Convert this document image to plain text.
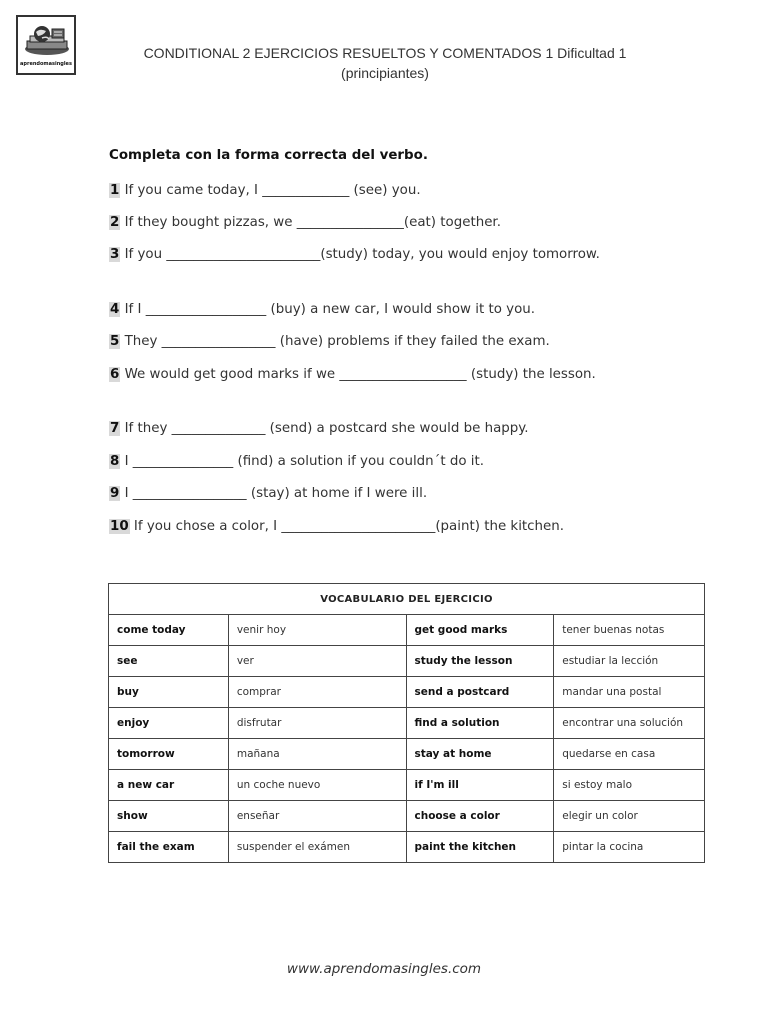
aprendomasingles
CONDITIONAL 2 EJERCICIOS RESUELTOS Y COMENTADOS 1 Dificultad 1
(principiantes)
Completa con la forma correcta del verbo.
1 If you came today, I _____________ (see) you.
2 If they bought pizzas, we ________________(eat) together.
3 If you _______________________(study) today, you would enjoy tomorrow.
4 If I __________________ (buy) a new car, I would show it to you.
5 They _________________ (have) problems if they failed the exam.
6 We would get good marks if we ___________________ (study) the lesson.
7 If they ______________ (send) a postcard she would be happy.
8 I _______________ (find) a solution if you couldn´t do it.
9 I _________________ (stay) at home if I were ill.
10 If you chose a color, I _______________________(paint) the kitchen.
VOCABULARIO DEL EJERCICIO			
come today	venir hoy	get good marks	tener buenas notas
see	ver	study the lesson	estudiar la lección
buy	comprar	send a postcard	mandar una postal
enjoy	disfrutar	find a solution	encontrar una solución
tomorrow	mañana	stay at home	quedarse en casa
a new car	un coche nuevo	if I'm ill	si estoy malo
show	enseñar	choose a color	elegir un color
fail the exam	suspender el exámen	paint the kitchen	pintar la cocina
www.aprendomasingles.com
